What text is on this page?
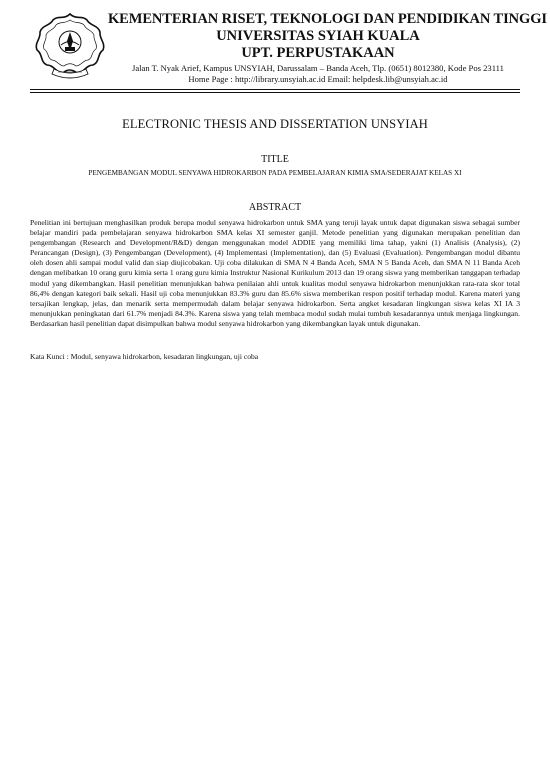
KEMENTERIAN RISET, TEKNOLOGI DAN PENDIDIKAN TINGGI
UNIVERSITAS SYIAH KUALA
UPT. PERPUSTAKAAN
Jalan T. Nyak Arief, Kampus UNSYIAH, Darussalam – Banda Aceh, Tlp. (0651) 8012380, Kode Pos 23111
Home Page : http://library.unsyiah.ac.id Email: helpdesk.lib@unsyiah.ac.id
ELECTRONIC THESIS AND DISSERTATION UNSYIAH
TITLE
PENGEMBANGAN MODUL SENYAWA HIDROKARBON PADA PEMBELAJARAN KIMIA SMA/SEDERAJAT KELAS XI
ABSTRACT
Penelitian ini bertujuan menghasilkan produk berupa modul senyawa hidrokarbon untuk SMA yang teruji layak untuk dapat digunakan siswa sebagai sumber belajar mandiri pada pembelajaran senyawa hidrokarbon SMA kelas XI semester ganjil. Metode penelitian yang digunakan merupakan penelitian dan pengembangan (Research and Development/R&D) dengan menggunakan model ADDIE yang memiliki lima tahap, yakni (1) Analisis (Analysis), (2) Perancangan (Design), (3) Pengembangan (Development), (4) Implementasi (Implementation), dan (5) Evaluasi (Evaluation). Pengembangan modul dibantu oleh dosen ahli sampai modul valid dan siap diujicobakan. Uji coba dilakukan di SMA N 4 Banda Aceh, SMA N 5 Banda Aceh, dan SMA N 11 Banda Aceh dengan melibatkan 10 orang guru kimia serta 1 orang guru kimia Instruktur Nasional Kurikulum 2013 dan 19 orang siswa yang memberikan tanggapan terhadap modul yang dikembangkan. Hasil penelitian menunjukkan bahwa penilaian ahli untuk kualitas modul senyawa hidrokarbon menunjukkan rata-rata skor total 86,4% dengan kategori baik sekali. Hasil uji coba menunjukkan 83.3% guru dan 85.6% siswa memberikan respon positif terhadap modul. Karena materi yang tersajikan lengkap, jelas, dan menarik serta mempermudah dalam belajar senyawa hidrokarbon. Serta angket kesadaran lingkungan siswa kelas XI IA 3 menunjukkan peningkatan dari 61.7% menjadi 84.3%. Karena siswa yang telah membaca modul sudah mulai tumbuh kesadarannya untuk menjaga lingkungan. Berdasarkan hasil penelitian dapat disimpulkan bahwa modul senyawa hidrokarbon yang dikembangkan layak untuk digunakan.
Kata Kunci : Modul, senyawa hidrokarbon, kesadaran lingkungan, uji coba
